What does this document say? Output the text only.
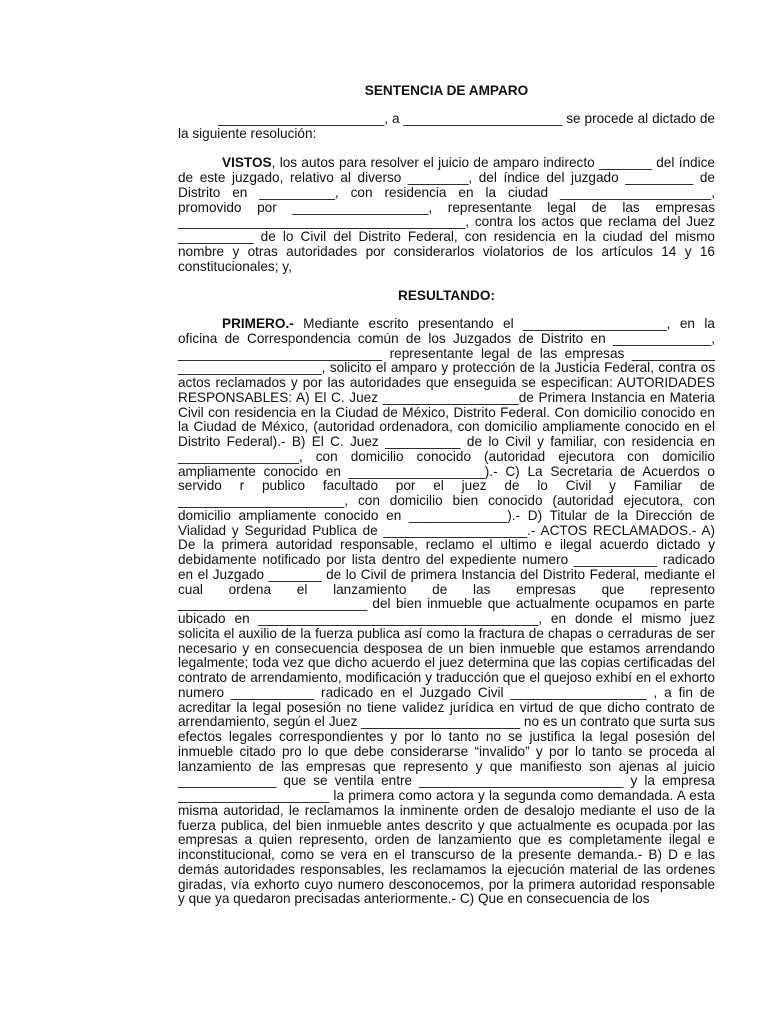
SENTENCIA DE AMPARO

______________________, a _____________________ se procede al dictado de la siguiente resolución:

VISTOS, los autos para resolver el juicio de amparo indirecto _______ del índice de este juzgado, relativo al diverso ________, del índice del juzgado _________ de Distrito en __________, con residencia en la ciudad ____________________, promovido por __________________, representante legal de las empresas ______________________________________, contra los actos que reclama del Juez __________ de lo Civil del Distrito Federal, con residencia en la ciudad del mismo nombre y otras autoridades por considerarlos violatorios de los artículos 14 y 16 constitucionales; y,

RESULTANDO:

PRIMERO.- Mediante escrito presentando el ___________________, en la oficina de Correspondencia común de los Juzgados de Distrito en _____________, ___________________________ representante legal de las empresas ___________ ___________________, solicito el amparo y protección de la Justicia Federal, contra os actos reclamados y por las autoridades que enseguida se especifican: AUTORIDADES RESPONSABLES: A) El C. Juez __________________de Primera Instancia en Materia Civil con residencia en la Ciudad de México, Distrito Federal. Con domicilio conocido en la Ciudad de México, (autoridad ordenadora, con domicilio ampliamente conocido en el Distrito Federal).- B) El C. Juez __________ de lo Civil y familiar, con residencia en ________________, con domicilio conocido (autoridad ejecutora con domicilio ampliamente conocido en __________________).- C) La Secretaria de Acuerdos o servido r publico facultado por el juez de lo Civil y Familiar de ______________________, con domicilio bien conocido (autoridad ejecutora, con domicilio ampliamente conocido en _____________).- D) Titular de la Dirección de Vialidad y Seguridad Publica de ___________________.- ACTOS RECLAMADOS.- A) De la primera autoridad responsable, reclamo el ultimo e ilegal acuerdo dictado y debidamente notificado por lista dentro del expediente numero ___________ radicado en el Juzgado _______ de lo Civil de primera Instancia del Distrito Federal, mediante el cual ordena el lanzamiento de las empresas que represento _________________________ del bien inmueble que actualmente ocupamos en parte ubicado en _____________________________________, en donde el mismo juez solicita el auxilio de la fuerza publica así como la fractura de chapas o cerraduras de ser necesario y en consecuencia desposea de un bien inmueble que estamos arrendando legalmente; toda vez que dicho acuerdo el juez determina que las copias certificadas del contrato de arrendamiento, modificación y traducción que el quejoso exhibí en el exhorto numero ___________ radicado en el Juzgado Civil __________________ , a fin de acreditar la legal posesión no tiene validez jurídica en virtud de que dicho contrato de arrendamiento, según el Juez _____________________ no es un contrato que surta sus efectos legales correspondientes y por lo tanto no se justifica la legal posesión del inmueble citado pro lo que debe considerarse “invalido” y por lo tanto se proceda al lanzamiento de las empresas que represento y que manifiesto son ajenas al juicio _____________ que se ventila entre ___________________________ y la empresa ____________________ la primera como actora y la segunda como demandada. A esta misma autoridad, le reclamamos la inminente orden de desalojo mediante el uso de la fuerza publica, del bien inmueble antes descrito y que actualmente es ocupada por las empresas a quien represento, orden de lanzamiento que es completamente ilegal e inconstitucional, como se vera en el transcurso de la presente demanda.- B) D e las demás autoridades responsables, les reclamamos la ejecución material de las ordenes giradas, vía exhorto cuyo numero desconocemos, por la primera autoridad responsable y que ya quedaron precisadas anteriormente.- C) Que en consecuencia de los
